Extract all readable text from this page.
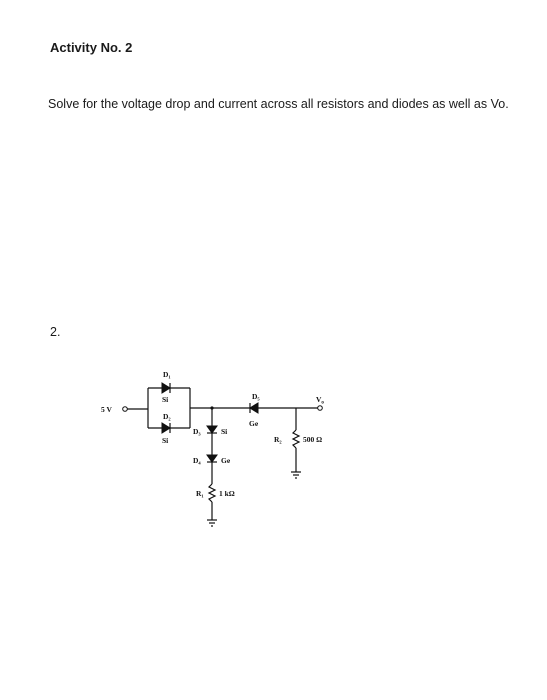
Activity No. 2
Solve for the voltage drop and current across all resistors and diodes as well as Vo.
2.
5 V
D₁
Si
D₂
Si
D₅
Ge
$V_o$
R₂	500 Ω
D₃	Si
D₄	Ge
R₁ 1 kΩ
